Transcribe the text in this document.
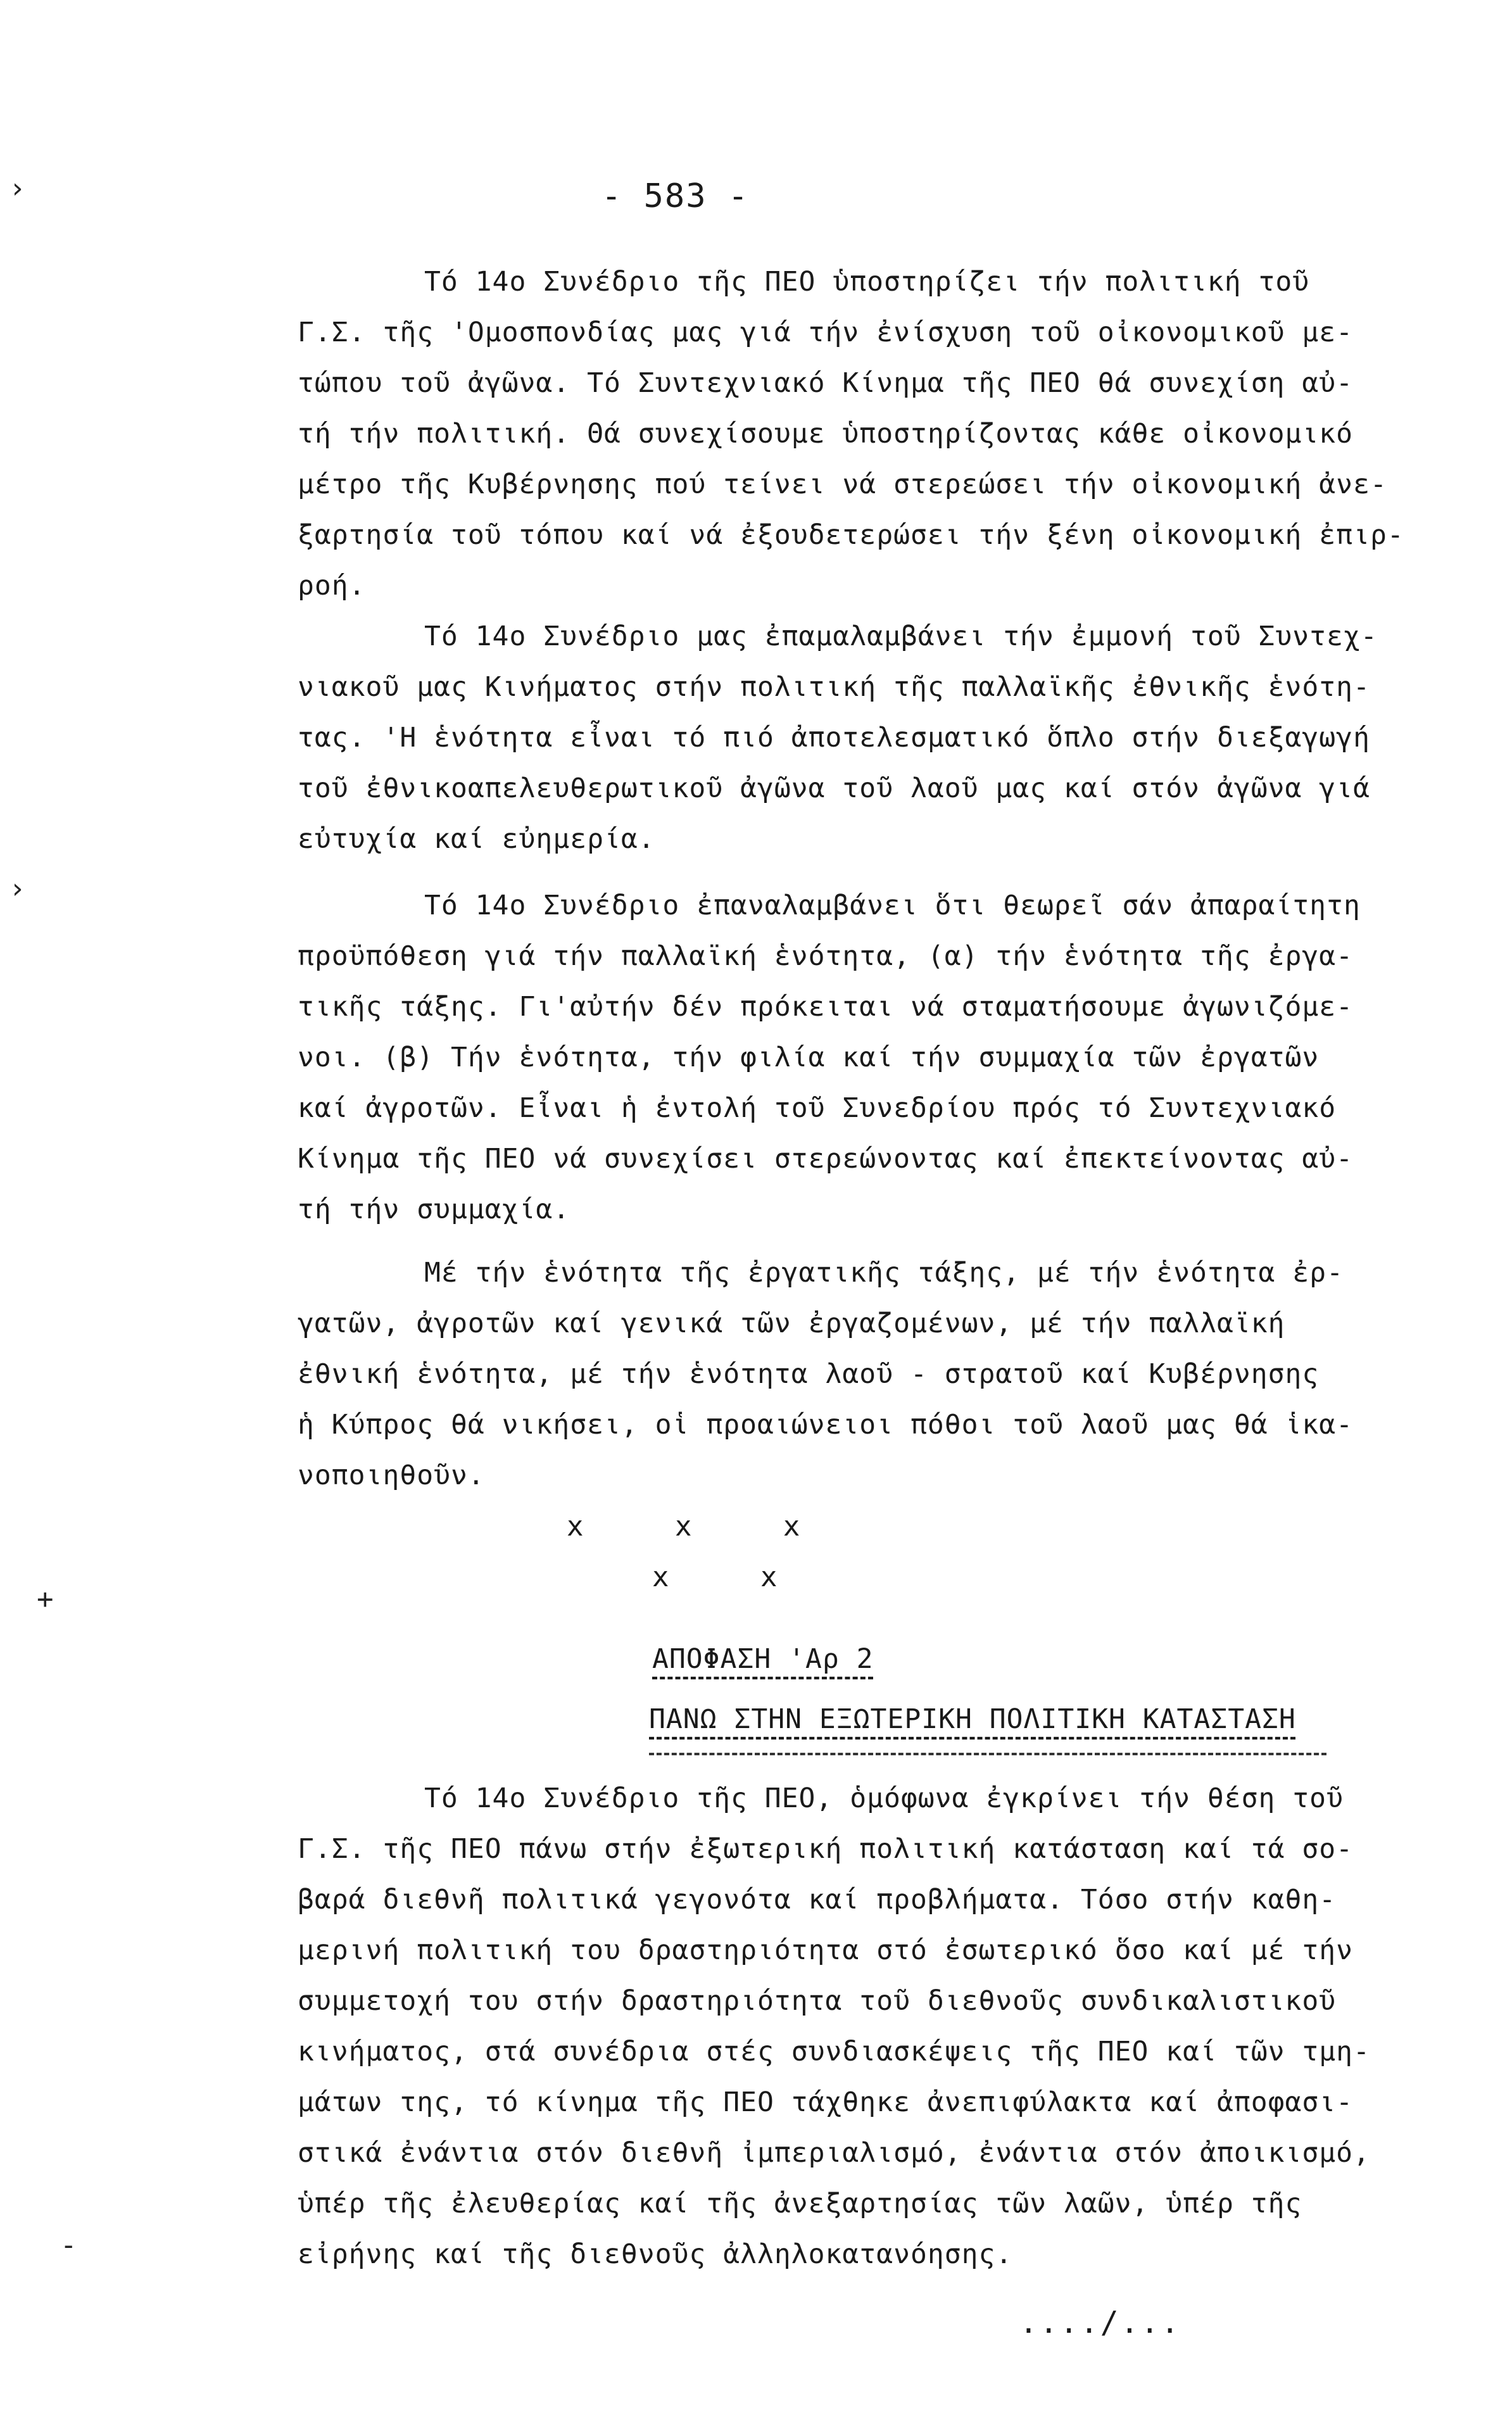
- 583 -
›
›
+
-
Τό 14ο Συνέδριο τῆς ΠΕΟ ὑποστηρίζει τήν πολιτική τοῦ
Γ.Σ. τῆς 'Ομοσπονδίας μας γιά τήν ἐνίσχυση τοῦ οἰκονομικοῦ με-
τώπου τοῦ ἀγῶνα. Τό Συντεχνιακό Κίνημα τῆς ΠΕΟ θά συνεχίση αὐ-
τή τήν πολιτική. Θά συνεχίσουμε ὑποστηρίζοντας κάθε οἰκονομικό
μέτρο τῆς Κυβέρνησης πού τείνει νά στερεώσει τήν οἰκονομική ἀνε-
ξαρτησία τοῦ τόπου καί νά ἐξουδετερώσει τήν ξένη οἰκονομική ἐπιρ-
ροή.
Τό 14ο Συνέδριο μας ἐπαμαλαμβάνει τήν ἐμμονή τοῦ Συντεχ-
νιακοῦ μας Κινήματος στήν πολιτική τῆς παλλαϊκῆς ἐθνικῆς ἑνότη-
τας. 'Η ἑνότητα εἶναι τό πιό ἀποτελεσματικό ὅπλο στήν διεξαγωγή
τοῦ ἐθνικοαπελευθερωτικοῦ ἀγῶνα τοῦ λαοῦ μας καί στόν ἀγῶνα γιά
εὐτυχία καί εὐημερία.
Τό 14ο Συνέδριο ἐπαναλαμβάνει ὅτι θεωρεῖ σάν ἀπαραίτητη
προϋπόθεση γιά τήν παλλαϊκή ἑνότητα, (α) τήν ἑνότητα τῆς ἐργα-
τικῆς τάξης. Γι'αὐτήν δέν πρόκειται νά σταματήσουμε ἀγωνιζόμε-
νοι. (β) Τήν ἑνότητα, τήν φιλία καί τήν συμμαχία τῶν ἐργατῶν
καί ἀγροτῶν. Εἶναι ἡ ἐντολή τοῦ Συνεδρίου πρός τό Συντεχνιακό
Κίνημα τῆς ΠΕΟ νά συνεχίσει στερεώνοντας καί ἐπεκτείνοντας αὐ-
τή τήν συμμαχία.
Μέ τήν ἑνότητα τῆς ἐργατικῆς τάξης, μέ τήν ἑνότητα ἐρ-
γατῶν, ἀγροτῶν καί γενικά τῶν ἐργαζομένων, μέ τήν παλλαϊκή
ἐθνική ἑνότητα, μέ τήν ἑνότητα λαοῦ - στρατοῦ καί Κυβέρνησης
ἡ Κύπρος θά νικήσει, οἱ προαιώνειοι πόθοι τοῦ λαοῦ μας θά ἱκα-
νοποιηθοῦν.
x     x     x
x     x
ΑΠΟΦΑΣΗ 'Αρ 2
ΠΑΝΩ ΣΤΗΝ ΕΞΩΤΕΡΙΚΗ ΠΟΛΙΤΙΚΗ ΚΑΤΑΣΤΑΣΗ
Τό 14ο Συνέδριο τῆς ΠΕΟ, ὁμόφωνα ἐγκρίνει τήν θέση τοῦ
Γ.Σ. τῆς ΠΕΟ πάνω στήν ἐξωτερική πολιτική κατάσταση καί τά σο-
βαρά διεθνῆ πολιτικά γεγονότα καί προβλήματα. Τόσο στήν καθη-
μερινή πολιτική του δραστηριότητα στό ἐσωτερικό ὅσο καί μέ τήν
συμμετοχή του στήν δραστηριότητα τοῦ διεθνοῦς συνδικαλιστικοῦ
κινήματος, στά συνέδρια στές συνδιασκέψεις τῆς ΠΕΟ καί τῶν τμη-
μάτων της, τό κίνημα τῆς ΠΕΟ τάχθηκε ἀνεπιφύλακτα καί ἀποφασι-
στικά ἐνάντια στόν διεθνῆ ἰμπεριαλισμό, ἐνάντια στόν ἀποικισμό,
ὑπέρ τῆς ἐλευθερίας καί τῆς ἀνεξαρτησίας τῶν λαῶν, ὑπέρ τῆς
εἰρήνης καί τῆς διεθνοῦς ἀλληλοκατανόησης.
..../...
